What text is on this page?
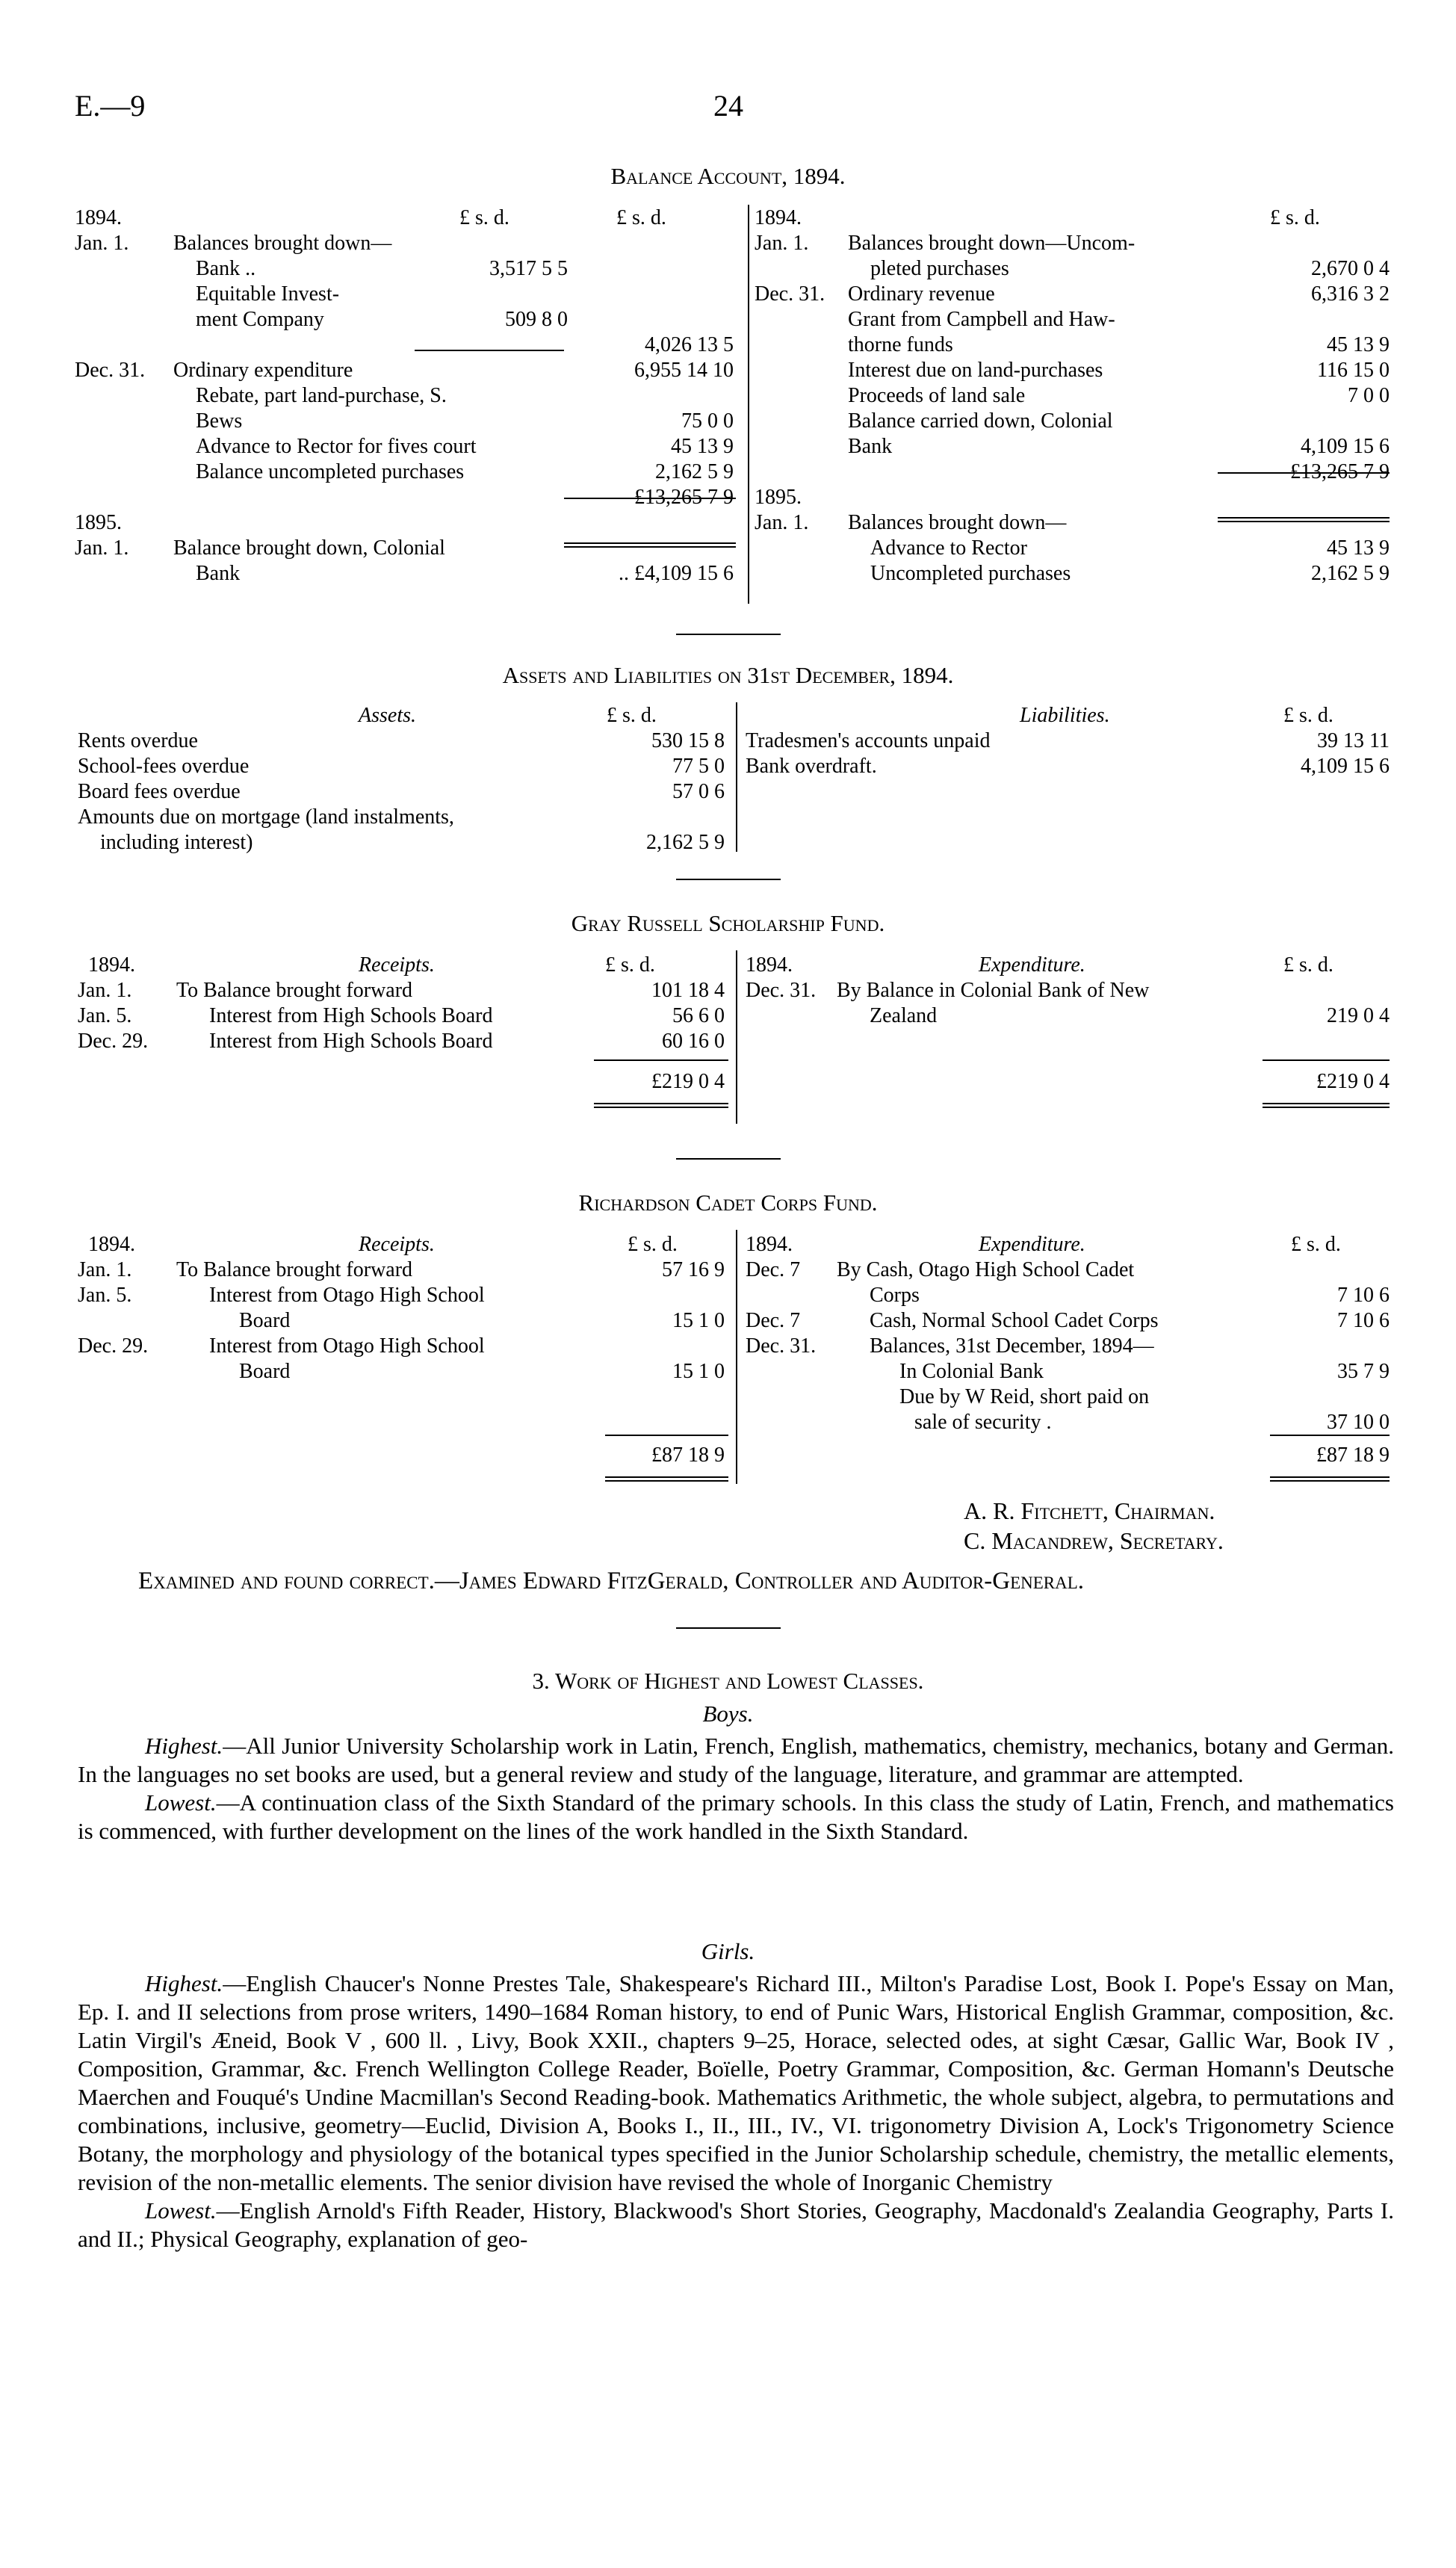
E.—9	24
Balance Account, 1894.
1894.	£ s. d.	£ s. d.
Jan. 1. Balances brought down—
Bank ..	3,517 5 5
Equitable Invest-
ment Company	509 8 0
4,026 13 5
Dec. 31. Ordinary expenditure	6,955 14 10
Rebate, part land-purchase, S.
Bews	75 0 0
Advance to Rector for fives court	45 13 9
Balance uncompleted purchases	2,162 5 9
£13,265 7 9
1895.
Jan. 1. Balance brought down, Colonial
Bank	.. £4,109 15 6
1894.	£ s. d.
Jan. 1. Balances brought down—Uncom-
pleted purchases	2,670 0 4
Dec. 31. Ordinary revenue	6,316 3 2
Grant from Campbell and Haw-
thorne funds	45 13 9
Interest due on land-purchases	116 15 0
Proceeds of land sale	7 0 0
Balance carried down, Colonial
Bank	4,109 15 6
£13,265 7 9
1895.
Jan. 1. Balances brought down—
Advance to Rector	45 13 9
Uncompleted purchases	2,162 5 9
Assets and Liabilities on 31st December, 1894.
Assets.	£ s. d.	Liabilities.	£ s. d.
Rents overdue	530 15 8
School-fees overdue	77 5 0
Board fees overdue	57 0 6
Amounts due on mortgage (land instalments,
including interest)	2,162 5 9
Tradesmen's accounts unpaid	39 13 11
Bank overdraft.	4,109 15 6
Gray Russell Scholarship Fund.
1894.	Receipts.	£ s. d.	1894.	Expenditure.	£ s. d.
Jan. 1. To Balance brought forward	101 18 4
Jan. 5.	Interest from High Schools Board	56 6 0
Dec. 29.	Interest from High Schools Board	60 16 0
Dec. 31. By Balance in Colonial Bank of New
Zealand	219 0 4
£219 0 4	£219 0 4
Richardson Cadet Corps Fund.
1894.	Receipts.	£ s. d.	1894.	Expenditure.	£ s. d.
Jan. 1. To Balance brought forward	57 16 9
Jan. 5.	Interest from Otago High School
Board	15 1 0
Dec. 29.	Interest from Otago High School
Board	15 1 0
Dec. 7 By Cash, Otago High School Cadet
Corps	7 10 6
Dec. 7	Cash, Normal School Cadet Corps	7 10 6
Dec. 31.	Balances, 31st December, 1894—
In Colonial Bank	35 7 9
Due by W Reid, short paid on
sale of security .	37 10 0
£87 18 9	£87 18 9
A. R. Fitchett, Chairman.
C. Macandrew, Secretary.
Examined and found correct.—James Edward FitzGerald, Controller and Auditor-General.
3. Work of Highest and Lowest Classes.
Boys.

Highest.—All Junior University Scholarship work in Latin, French, English, mathematics, chemistry, mechanics, botany and German. In the languages no set books are used, but a general review and study of the language, literature, and grammar are attempted.

Lowest.—A continuation class of the Sixth Standard of the primary schools. In this class the study of Latin, French, and mathematics is commenced, with further development on the lines of the work handled in the Sixth Standard.

Girls.

Highest.—English Chaucer's Nonne Prestes Tale, Shakespeare's Richard III., Milton's Paradise Lost, Book I. Pope's Essay on Man, Ep. I. and II selections from prose writers, 1490–1684 Roman history, to end of Punic Wars, Historical English Grammar, composition, &c. Latin Virgil's Æneid, Book V , 600 ll. , Livy, Book XXII., chapters 9–25, Horace, selected odes, at sight Cæsar, Gallic War, Book IV , Composition, Grammar, &c. French Wellington College Reader, Boïelle, Poetry Grammar, Composition, &c. German Homann's Deutsche Maerchen and Fouqué's Undine Macmillan's Second Reading-book. Mathematics Arithmetic, the whole subject, algebra, to permutations and combinations, inclusive, geometry—Euclid, Division A, Books I., II., III., IV., VI. trigonometry Division A, Lock's Trigonometry Science Botany, the morphology and physiology of the botanical types specified in the Junior Scholarship schedule, chemistry, the metallic elements, revision of the non-metallic elements. The senior division have revised the whole of Inorganic Chemistry

Lowest.—English Arnold's Fifth Reader, History, Blackwood's Short Stories, Geography, Macdonald's Zealandia Geography, Parts I. and II.; Physical Geography, explanation of geo-
